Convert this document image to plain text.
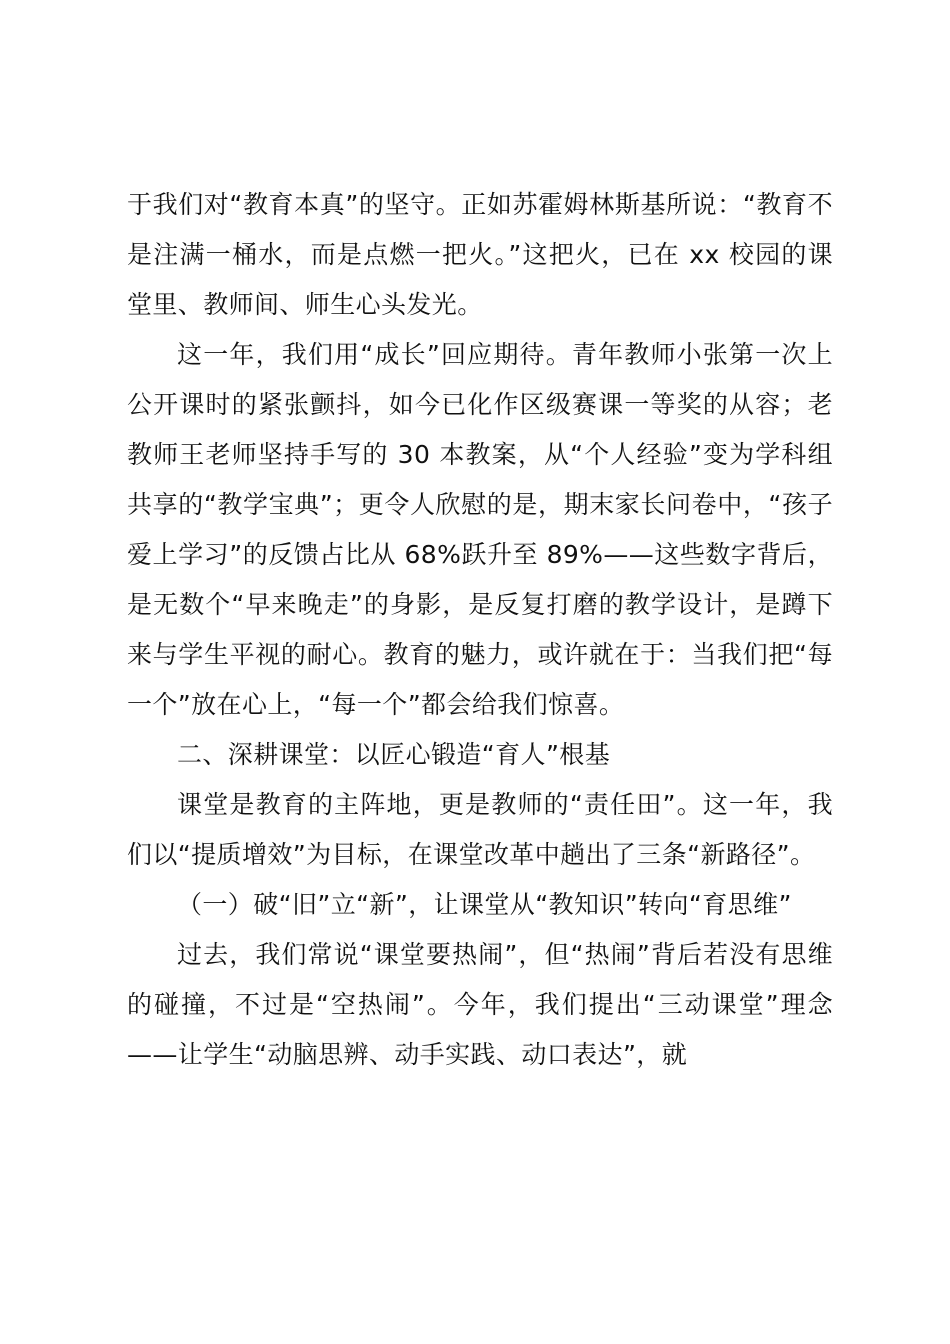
于我们对“教育本真”的坚守。正如苏霍姆林斯基所说：“教育不是注满一桶水，而是点燃一把火。”这把火，已在 xx 校园的课堂里、教师间、师生心头发光。

这一年，我们用“成长”回应期待。青年教师小张第一次上公开课时的紧张颤抖，如今已化作区级赛课一等奖的从容；老教师王老师坚持手写的 30 本教案，从“个人经验”变为学科组共享的“教学宝典”；更令人欣慰的是，期末家长问卷中，“孩子爱上学习”的反馈占比从 68%跃升至 89%——这些数字背后，是无数个“早来晚走”的身影，是反复打磨的教学设计，是蹲下来与学生平视的耐心。教育的魅力，或许就在于：当我们把“每一个”放在心上，“每一个”都会给我们惊喜。

二、深耕课堂：以匠心锻造“育人”根基

课堂是教育的主阵地，更是教师的“责任田”。这一年，我们以“提质增效”为目标，在课堂改革中趟出了三条“新路径”。

（一）破“旧”立“新”，让课堂从“教知识”转向“育思维”

过去，我们常说“课堂要热闹”，但“热闹”背后若没有思维的碰撞，不过是“空热闹”。今年，我们提出“三动课堂”理念——让学生“动脑思辨、动手实践、动口表达”，就
